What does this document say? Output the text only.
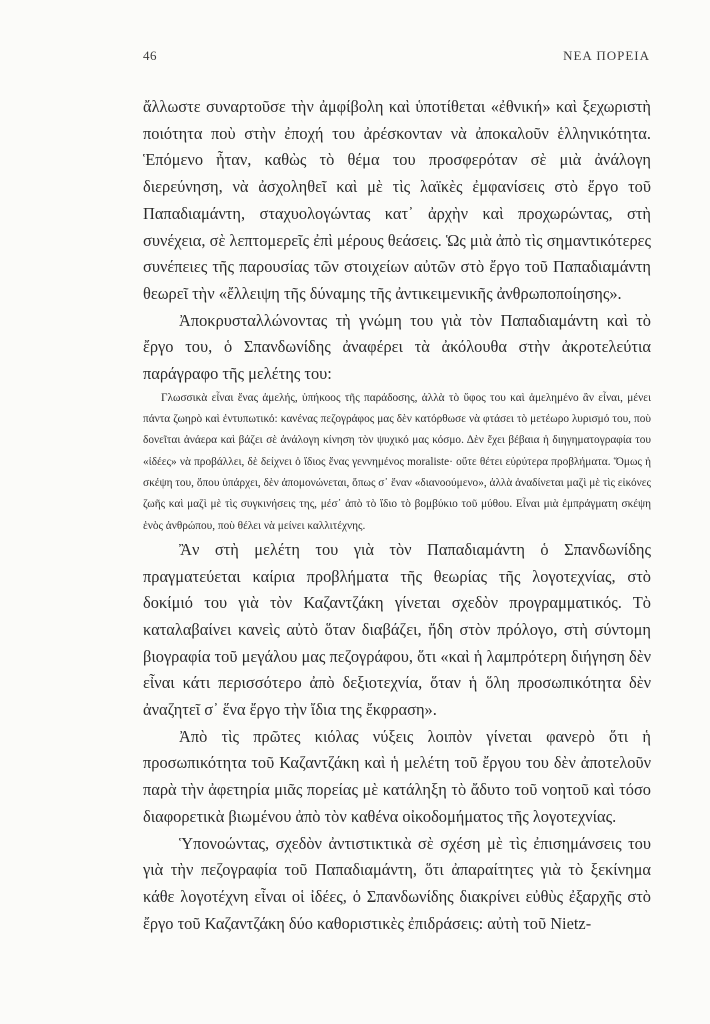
46	ΝΕΑ ΠΟΡΕΙΑ

ἄλλωστε συναρτοῦσε τὴν ἀμφίβολη καὶ ὑποτίθεται «ἐθνική» καὶ ξεχωριστὴ ποιότητα ποὺ στὴν ἐποχή του ἀρέσκονταν νὰ ἀποκαλοῦν ἑλληνικότητα. Ἑπόμενο ἦταν, καθὼς τὸ θέμα του προσφερόταν σὲ μιὰ ἀνάλογη διερεύνηση, νὰ ἀσχοληθεῖ καὶ μὲ τὶς λαϊκὲς ἐμφανίσεις στὸ ἔργο τοῦ Παπαδιαμάντη, σταχυολογώντας κατ᾽ ἀρχὴν καὶ προχωρώντας, στὴ συνέχεια, σὲ λεπτομερεῖς ἐπὶ μέρους θεάσεις. Ὡς μιὰ ἀπὸ τὶς σημαντικότερες συνέπειες τῆς παρουσίας τῶν στοιχείων αὐτῶν στὸ ἔργο τοῦ Παπαδιαμάντη θεωρεῖ τὴν «ἔλλειψη τῆς δύναμης τῆς ἀντικειμενικῆς ἀνθρωποποίησης».

Ἀποκρυσταλλώνοντας τὴ γνώμη του γιὰ τὸν Παπαδιαμάντη καὶ τὸ ἔργο του, ὁ Σπανδωνίδης ἀναφέρει τὰ ἀκόλουθα στὴν ἀκροτελεύτια παράγραφο τῆς μελέτης του:

Γλωσσικὰ εἶναι ἕνας ἀμελής, ὑπήκοος τῆς παράδοσης, ἀλλὰ τὸ ὕφος του καὶ ἀμελημένο ἂν εἶναι, μένει πάντα ζωηρὸ καὶ ἐντυπωτικό: κανένας πεζογράφος μας δὲν κατόρθωσε νὰ φτάσει τὸ μετέωρο λυρισμό του, ποὺ δονεῖται ἀνάερα καὶ βάζει σὲ ἀνάλογη κίνηση τὸν ψυχικό μας κόσμο. Δὲν ἔχει βέβαια ἡ διηγηματογραφία του «ἰδέες» νὰ προβάλλει, δὲ δείχνει ὁ ἴδιος ἕνας γεννημένος moraliste· οὔτε θέτει εὐρύτερα προβλήματα. Ὅμως ἡ σκέψη του, ὅπου ὑπάρχει, δὲν ἀπομονώνεται, ὅπως σ᾽ ἕναν «διανοούμενο», ἀλλὰ ἀναδίνεται μαζὶ μὲ τὶς εἰκόνες ζωῆς καὶ μαζὶ μὲ τὶς συγκινήσεις της, μέσ᾽ ἀπὸ τὸ ἴδιο τὸ βομβύκιο τοῦ μύθου. Εἶναι μιὰ ἐμπράγματη σκέψη ἑνὸς ἀνθρώπου, ποὺ θέλει νὰ μείνει καλλιτέχνης.

Ἂν στὴ μελέτη του γιὰ τὸν Παπαδιαμάντη ὁ Σπανδωνίδης πραγματεύεται καίρια προβλήματα τῆς θεωρίας τῆς λογοτεχνίας, στὸ δοκίμιό του γιὰ τὸν Καζαντζάκη γίνεται σχεδὸν προγραμματικός. Τὸ καταλαβαίνει κανεὶς αὐτὸ ὅταν διαβάζει, ἤδη στὸν πρόλογο, στὴ σύντομη βιογραφία τοῦ μεγάλου μας πεζογράφου, ὅτι «καὶ ἡ λαμπρότερη διήγηση δὲν εἶναι κάτι περισσότερο ἀπὸ δεξιοτεχνία, ὅταν ἡ ὅλη προσωπικότητα δὲν ἀναζητεῖ σ᾽ ἕνα ἔργο τὴν ἴδια της ἔκφραση».

Ἀπὸ τὶς πρῶτες κιόλας νύξεις λοιπὸν γίνεται φανερὸ ὅτι ἡ προσωπικότητα τοῦ Καζαντζάκη καὶ ἡ μελέτη τοῦ ἔργου του δὲν ἀποτελοῦν παρὰ τὴν ἀφετηρία μιᾶς πορείας μὲ κατάληξη τὸ ἄδυτο τοῦ νοητοῦ καὶ τόσο διαφορετικὰ βιωμένου ἀπὸ τὸν καθένα οἰκοδομήματος τῆς λογοτεχνίας.

Ὑπονοώντας, σχεδὸν ἀντιστικτικὰ σὲ σχέση μὲ τὶς ἐπισημάνσεις του γιὰ τὴν πεζογραφία τοῦ Παπαδιαμάντη, ὅτι ἀπαραίτητες γιὰ τὸ ξεκίνημα κάθε λογοτέχνη εἶναι οἱ ἰδέες, ὁ Σπανδωνίδης διακρίνει εὐθὺς ἐξαρχῆς στὸ ἔργο τοῦ Καζαντζάκη δύο καθοριστικὲς ἐπιδράσεις: αὐτὴ τοῦ Nietz-
